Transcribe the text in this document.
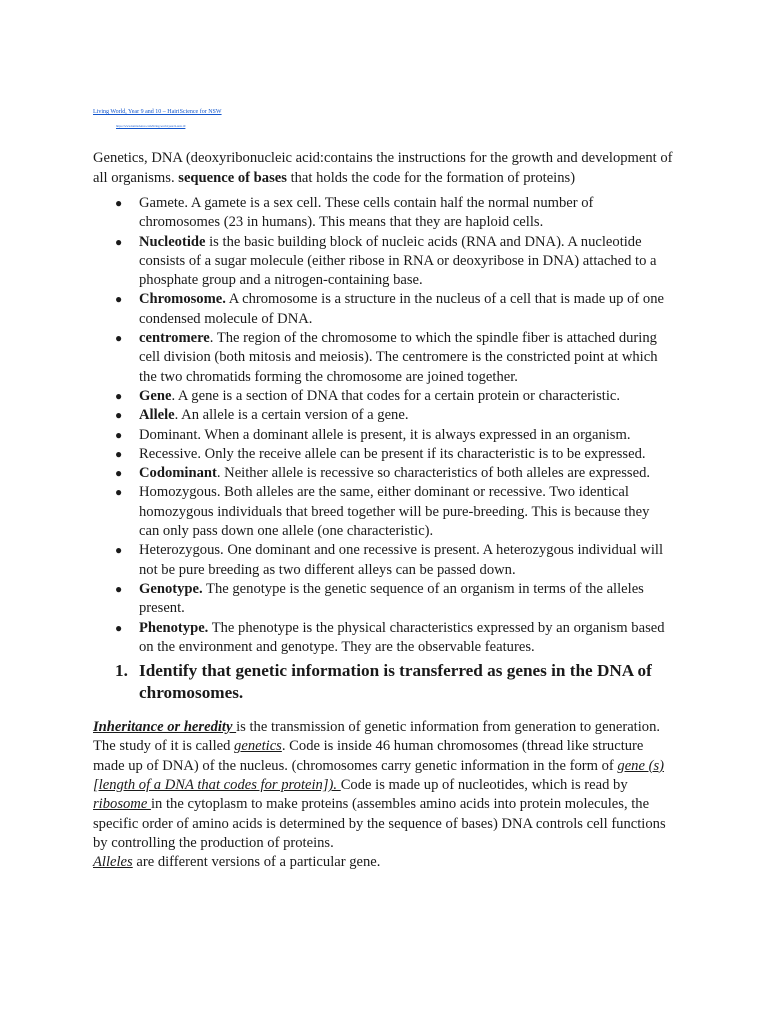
Living World, Year 9 and 10 – HairiScience for NSW
https://www.hairiscience.com/living-world-year-9-and-10

Genetics, DNA (deoxyribonucleic acid:contains the instructions for the growth and development of all organisms. sequence of bases that holds the code for the formation of proteins)

● Gamete. A gamete is a sex cell. These cells contain half the normal number of chromosomes (23 in humans). This means that they are haploid cells.
● Nucleotide is the basic building block of nucleic acids (RNA and DNA). A nucleotide consists of a sugar molecule (either ribose in RNA or deoxyribose in DNA) attached to a phosphate group and a nitrogen-containing base.
● Chromosome. A chromosome is a structure in the nucleus of a cell that is made up of one condensed molecule of DNA.
● centromere. The region of the chromosome to which the spindle fiber is attached during cell division (both mitosis and meiosis). The centromere is the constricted point at which the two chromatids forming the chromosome are joined together.
● Gene. A gene is a section of DNA that codes for a certain protein or characteristic.
● Allele. An allele is a certain version of a gene.
● Dominant. When a dominant allele is present, it is always expressed in an organism.
● Recessive. Only the receive allele can be present if its characteristic is to be expressed.
● Codominant. Neither allele is recessive so characteristics of both alleles are expressed.
● Homozygous. Both alleles are the same, either dominant or recessive. Two identical homozygous individuals that breed together will be pure-breeding. This is because they can only pass down one allele (one characteristic).
● Heterozygous. One dominant and one recessive is present. A heterozygous individual will not be pure breeding as two different alleys can be passed down.
● Genotype. The genotype is the genetic sequence of an organism in terms of the alleles present.
● Phenotype. The phenotype is the physical characteristics expressed by an organism based on the environment and genotype. They are the observable features.
1. Identify that genetic information is transferred as genes in the DNA of chromosomes.

Inheritance or heredity is the transmission of genetic information from generation to generation. The study of it is called genetics. Code is inside 46 human chromosomes (thread like structure made up of DNA) of the nucleus. (chromosomes carry genetic information in the form of gene (s) [length of a DNA that codes for protein]). Code is made up of nucleotides, which is read by ribosome in the cytoplasm to make proteins (assembles amino acids into protein molecules, the specific order of amino acids is determined by the sequence of bases) DNA controls cell functions by controlling the production of proteins.

Alleles are different versions of a particular gene.
